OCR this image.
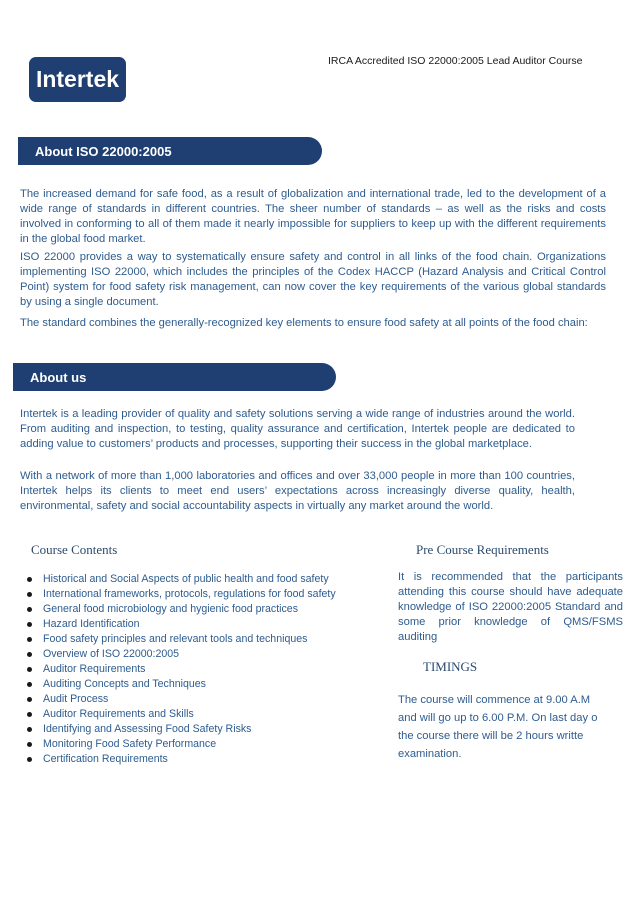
IRCA Accredited ISO 22000:2005 Lead Auditor Course
Intertek
About ISO 22000:2005

The increased demand for safe food, as a result of globalization and international trade, led to the development of a wide range of standards in different countries. The sheer number of standards – as well as the risks and costs involved in conforming to all of them made it nearly impossible for suppliers to keep up with the different requirements in the global food market.

ISO 22000 provides a way to systematically ensure safety and control in all links of the food chain. Organizations implementing ISO 22000, which includes the principles of the Codex HACCP (Hazard Analysis and Critical Control Point) system for food safety risk management, can now cover the key requirements of the various global standards by using a single document.

The standard combines the generally-recognized key elements to ensure food safety at all points of the food chain:

About us

Intertek is a leading provider of quality and safety solutions serving a wide range of industries around the world. From auditing and inspection, to testing, quality assurance and certification, Intertek people are dedicated to adding value to customers’ products and processes, supporting their success in the global marketplace.

With a network of more than 1,000 laboratories and offices and over 33,000 people in more than 100 countries, Intertek helps its clients to meet end users’ expectations across increasingly diverse quality, health, environmental, safety and social accountability aspects in virtually any market around the world.

Course Contents
Historical and Social Aspects of public health and food safety
International frameworks, protocols, regulations for food safety
General food microbiology and hygienic food practices
Hazard Identification
Food safety principles and relevant tools and techniques
Overview of ISO 22000:2005
Auditor Requirements
Auditing Concepts and Techniques
Audit Process
Auditor Requirements and Skills
Identifying and Assessing Food Safety Risks
Monitoring Food Safety Performance
Certification Requirements
Pre Course Requirements

It is recommended that the participants attending this course should have adequate knowledge of ISO 22000:2005 Standard and some prior knowledge of QMS/FSMS auditing

TIMINGS
The course will commence at 9.00 A.M
and will go up to 6.00 P.M. On last day o
the course there will be 2 hours writte
examination.
